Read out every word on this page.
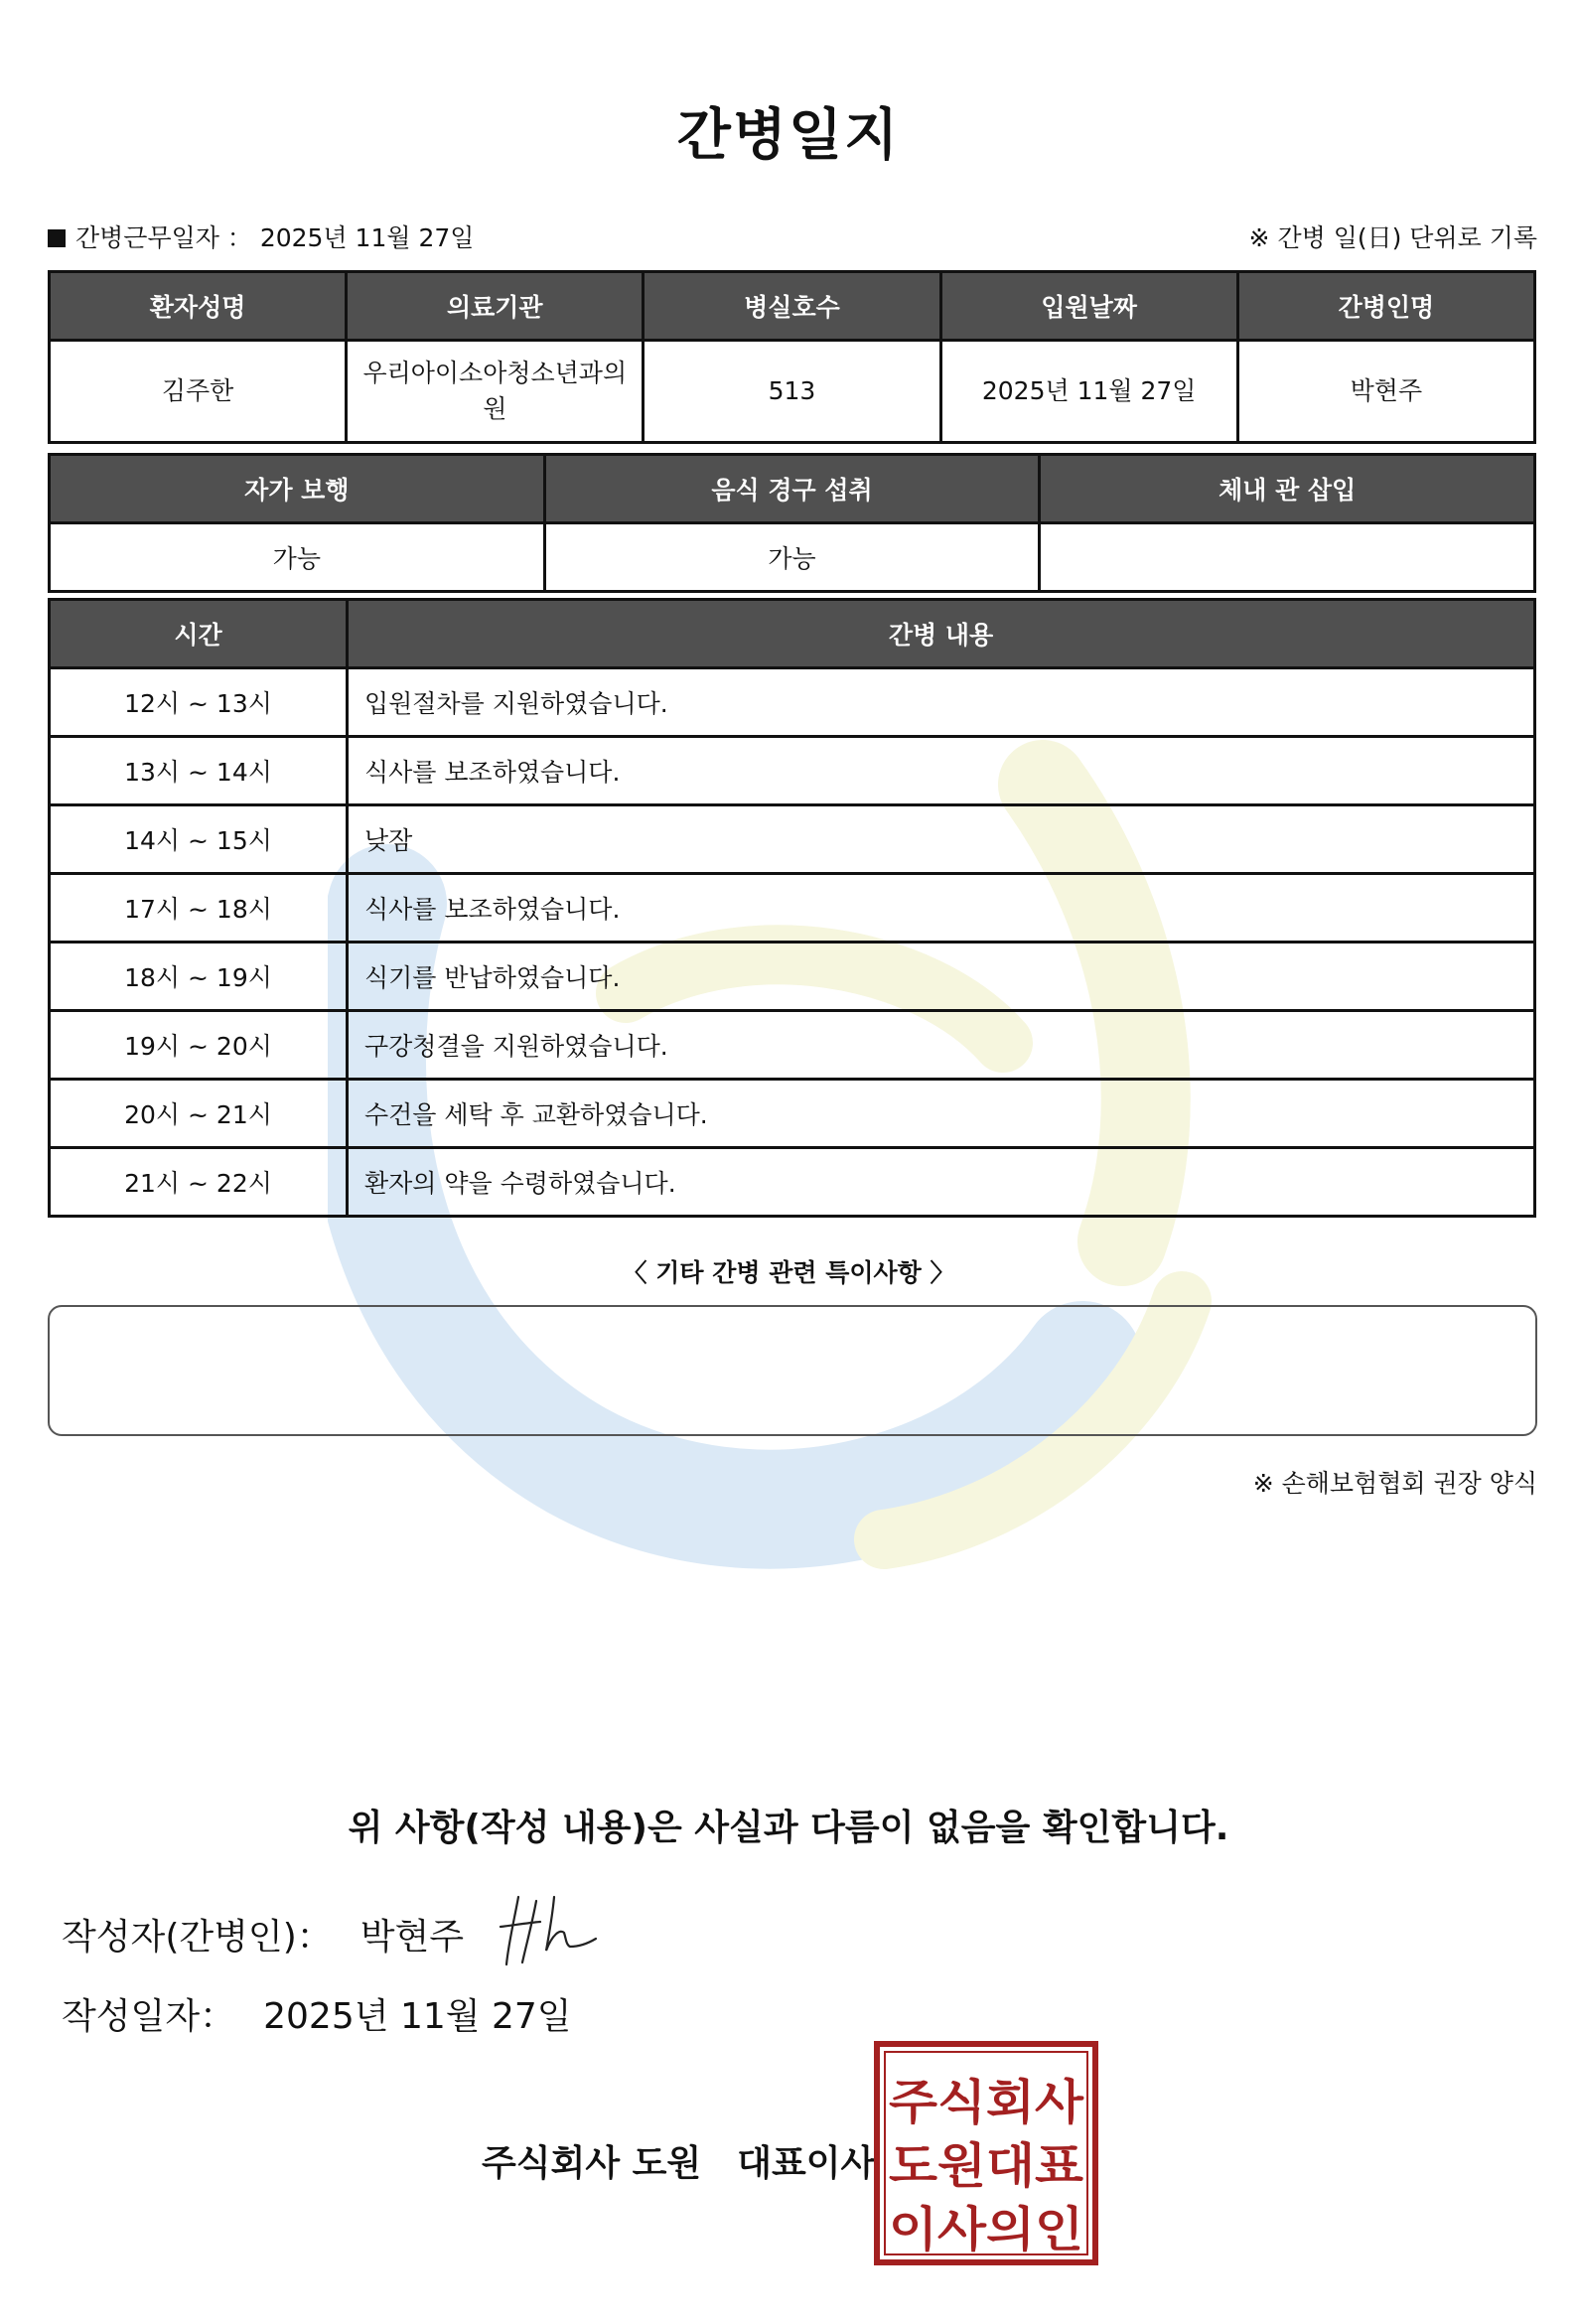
간병일지
간병근무일자 ： 2025년 11월 27일	※ 간병 일(日) 단위로 기록
환자성명	의료기관	병실호수	입원날짜	간병인명
김주한	우리아이소아청소년과의원	513	2025년 11월 27일	박현주
자가 보행	음식 경구 섭취	체내 관 삽입
가능	가능	
시간	간병 내용
12시 ~ 13시	입원절차를 지원하였습니다.
13시 ~ 14시	식사를 보조하였습니다.
14시 ~ 15시	낮잠
17시 ~ 18시	식사를 보조하였습니다.
18시 ~ 19시	식기를 반납하였습니다.
19시 ~ 20시	구강청결을 지원하였습니다.
20시 ~ 21시	수건을 세탁 후 교환하였습니다.
21시 ~ 22시	환자의 약을 수령하였습니다.
〈 기타 간병 관련 특이사항 〉
※ 손해보험협회 권장 양식
위 사항(작성 내용)은 사실과 다름이 없음을 확인합니다.
작성자(간병인)： 박현주
작성일자： 2025년 11월 27일
주식회사 도원 대표이사
주식회사
도원대표
이사의인
